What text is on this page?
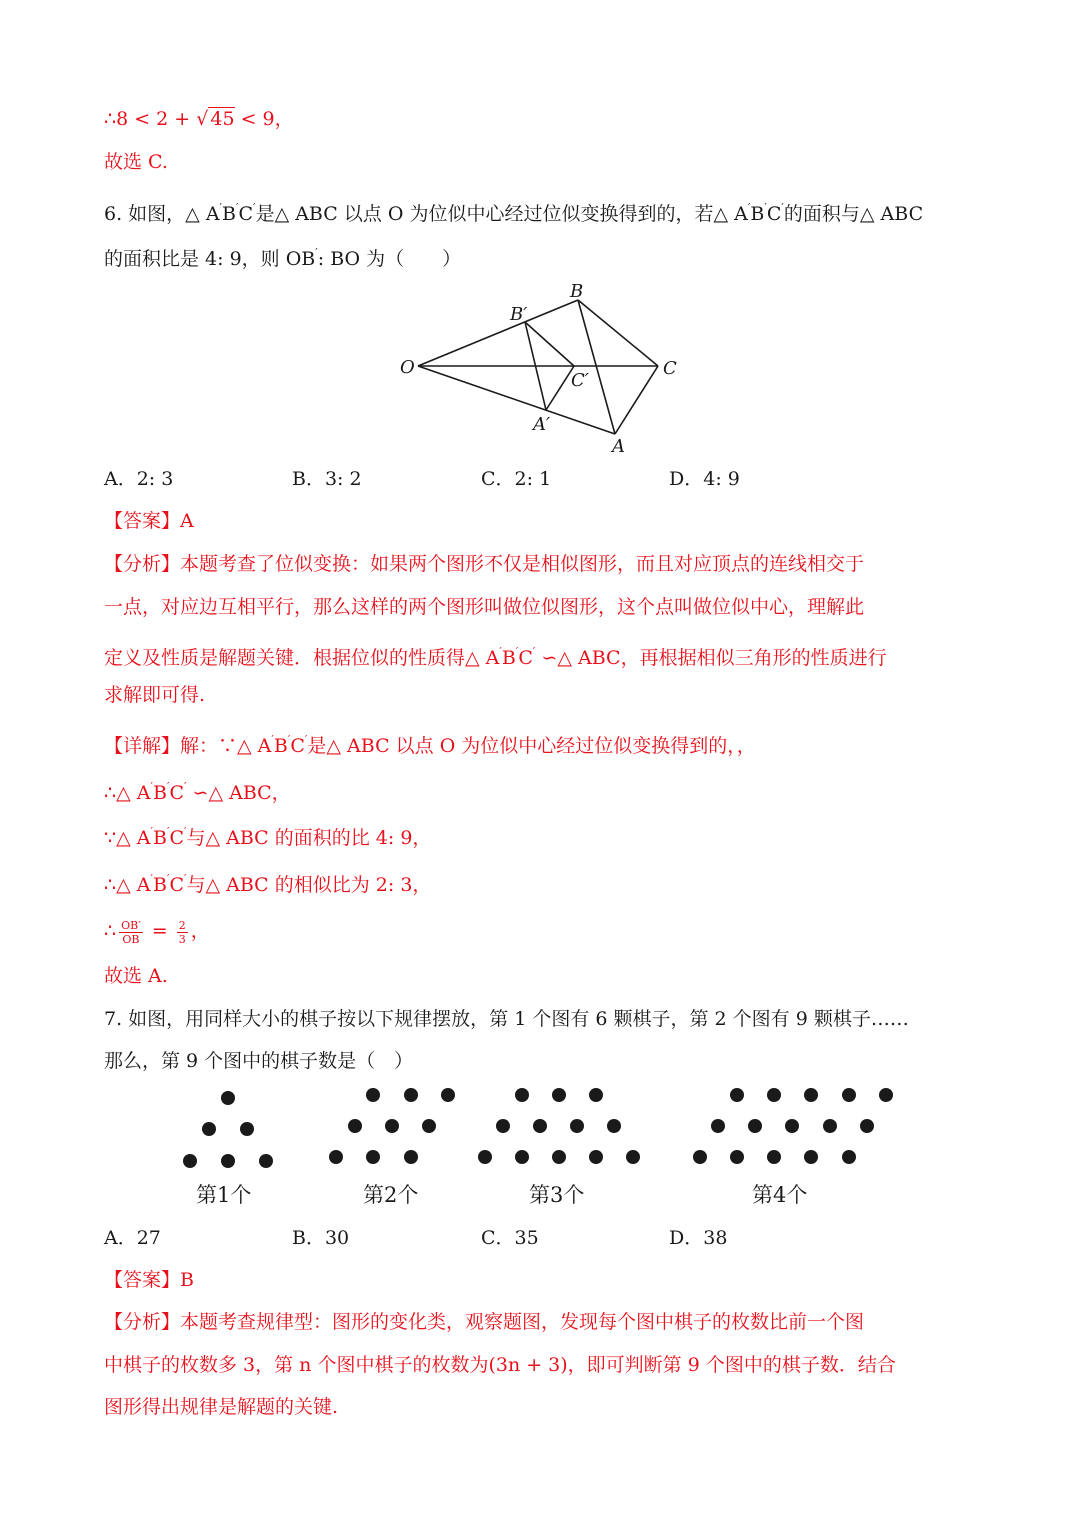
∴8 < 2 + √ 45 < 9，
故选 C.
6. 如图，△ A′B′C′是△ ABC 以点 O 为位似中心经过位似变换得到的，若△ A′B′C′的面积与△ ABC
的面积比是 4: 9，则 OB′: BO 为（　　）
B
B′
O
C′
C
A′
A
A．2: 3	B．3: 2	C．2: 1	D．4: 9
【答案】A
【分析】本题考查了位似变换：如果两个图形不仅是相似图形，而且对应顶点的连线相交于
一点，对应边互相平行，那么这样的两个图形叫做位似图形，这个点叫做位似中心，理解此
定义及性质是解题关键．根据位似的性质得△ A′B′C′ ∽△ ABC，再根据相似三角形的性质进行
求解即可得.
【详解】解：∵△ A′B′C′是△ ABC 以点 O 为位似中心经过位似变换得到的，，
∴△ A′B′C′ ∽△ ABC，
∵△ A′B′C′与△ ABC 的面积的比 4: 9，
∴△ A′B′C′与△ ABC 的相似比为 2: 3，
∴ $\frac{OB'}{OB} = \frac{2}{3}$ ，
故选 A.
7. 如图，用同样大小的棋子按以下规律摆放，第 1 个图有 6 颗棋子，第 2 个图有 9 颗棋子……
那么，第 9 个图中的棋子数是（　）
第1个	第2个	第3个	第4个
A．27	B．30	C．35	D．38
【答案】B
【分析】本题考查规律型：图形的变化类，观察题图，发现每个图中棋子的枚数比前一个图
中棋子的枚数多 3，第 n 个图中棋子的枚数为(3n + 3)，即可判断第 9 个图中的棋子数．结合
图形得出规律是解题的关键.
